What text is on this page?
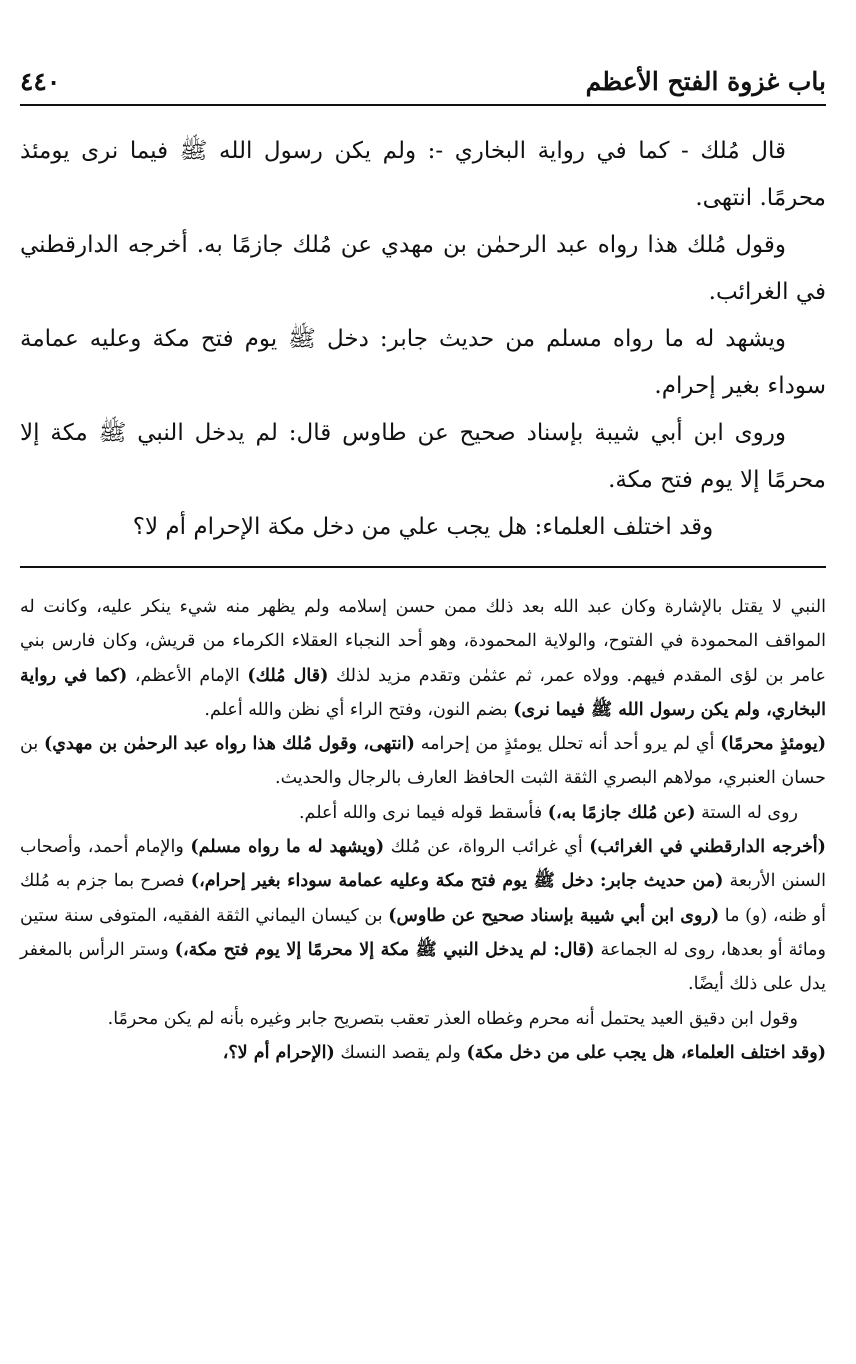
باب غزوة الفتح الأعظم
٤٤٠

قال مُلك - كما في رواية البخاري -: ولم يكن رسول الله ﷺ فيما نرى يومئذ محرمًا. انتهى.

وقول مُلك هذا رواه عبد الرحمٰن بن مهدي عن مُلك جازمًا به. أخرجه الدارقطني في الغرائب.

ويشهد له ما رواه مسلم من حديث جابر: دخل ﷺ يوم فتح مكة وعليه عمامة سوداء بغير إحرام.

وروى ابن أبي شيبة بإسناد صحيح عن طاوس قال: لم يدخل النبي ﷺ مكة إلا محرمًا إلا يوم فتح مكة.

وقد اختلف العلماء: هل يجب علي من دخل مكة الإحرام أم لا؟

النبي لا يقتل بالإشارة وكان عبد الله بعد ذلك ممن حسن إسلامه ولم يظهر منه شيء ينكر عليه، وكانت له المواقف المحمودة في الفتوح، والولاية المحمودة، وهو أحد النجباء العقلاء الكرماء من قريش، وكان فارس بني عامر بن لؤى المقدم فيهم. وولاه عمر، ثم عثمٰن وتقدم مزيد لذلك (قال مُلك) الإمام الأعظم، (كما في رواية البخاري، ولم يكن رسول الله ﷺ فيما نرى) بضم النون، وفتح الراء أي نظن والله أعلم.

(يومئذٍ محرمًا) أي لم يرو أحد أنه تحلل يومئذٍ من إحرامه (انتهى، وقول مُلك هذا رواه عبد الرحمٰن بن مهدي) بن حسان العنبري، مولاهم البصري الثقة الثبت الحافظ العارف بالرجال والحديث.

روى له الستة (عن مُلك جازمًا به،) فأسقط قوله فيما نرى والله أعلم.

(أخرجه الدارقطني في الغرائب) أي غرائب الرواة، عن مُلك (ويشهد له ما رواه مسلم) والإمام أحمد، وأصحاب السنن الأربعة (من حديث جابر: دخل ﷺ يوم فتح مكة وعليه عمامة سوداء بغير إحرام،) فصرح بما جزم به مُلك أو ظنه، (و) ما (روى ابن أبي شيبة بإسناد صحيح عن طاوس) بن كيسان اليماني الثقة الفقيه، المتوفى سنة ستين ومائة أو بعدها، روى له الجماعة (قال: لم يدخل النبي ﷺ مكة إلا محرمًا إلا يوم فتح مكة،) وستر الرأس بالمغفر يدل على ذلك أيضًا.

وقول ابن دقيق العيد يحتمل أنه محرم وغطاه العذر تعقب بتصريح جابر وغيره بأنه لم يكن محرمًا.

(وقد اختلف العلماء، هل يجب على من دخل مكة) ولم يقصد النسك (الإحرام أم لا؟،
